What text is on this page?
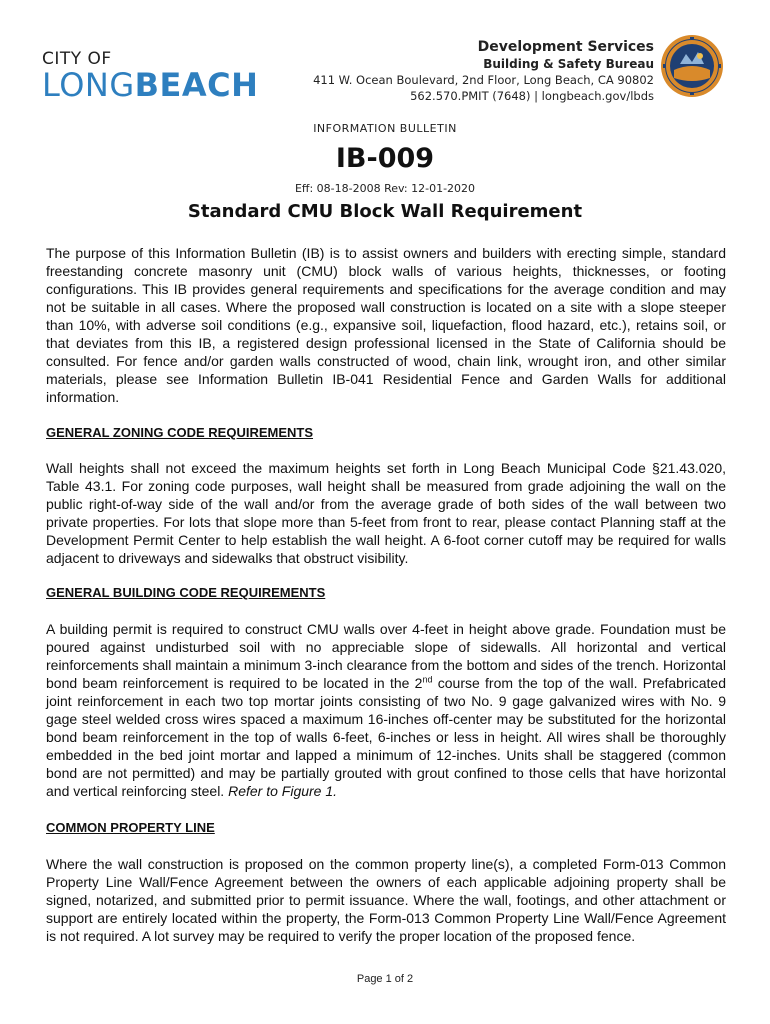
CITY OF
LONGBEACH
Development Services
Building & Safety Bureau
411 W. Ocean Boulevard, 2nd Floor, Long Beach, CA 90802
562.570.PMIT (7648) | longbeach.gov/lbds
INFORMATION BULLETIN
IB-009
Eff: 08-18-2008 Rev: 12-01-2020
Standard CMU Block Wall Requirement

The purpose of this Information Bulletin (IB) is to assist owners and builders with erecting simple, standard freestanding concrete masonry unit (CMU) block walls of various heights, thicknesses, or footing configurations. This IB provides general requirements and specifications for the average condition and may not be suitable in all cases. Where the proposed wall construction is located on a site with a slope steeper than 10%, with adverse soil conditions (e.g., expansive soil, liquefaction, flood hazard, etc.), retains soil, or that deviates from this IB, a registered design professional licensed in the State of California should be consulted. For fence and/or garden walls constructed of wood, chain link, wrought iron, and other similar materials, please see Information Bulletin IB-041 Residential Fence and Garden Walls for additional information.

GENERAL ZONING CODE REQUIREMENTS

Wall heights shall not exceed the maximum heights set forth in Long Beach Municipal Code §21.43.020, Table 43.1. For zoning code purposes, wall height shall be measured from grade adjoining the wall on the public right-of-way side of the wall and/or from the average grade of both sides of the wall between two private properties. For lots that slope more than 5-feet from front to rear, please contact Planning staff at the Development Permit Center to help establish the wall height. A 6-foot corner cutoff may be required for walls adjacent to driveways and sidewalks that obstruct visibility.

GENERAL BUILDING CODE REQUIREMENTS

A building permit is required to construct CMU walls over 4-feet in height above grade. Foundation must be poured against undisturbed soil with no appreciable slope of sidewalls. All horizontal and vertical reinforcements shall maintain a minimum 3-inch clearance from the bottom and sides of the trench. Horizontal bond beam reinforcement is required to be located in the 2nd course from the top of the wall. Prefabricated joint reinforcement in each two top mortar joints consisting of two No. 9 gage galvanized wires with No. 9 gage steel welded cross wires spaced a maximum 16-inches off-center may be substituted for the horizontal bond beam reinforcement in the top of walls 6-feet, 6-inches or less in height. All wires shall be thoroughly embedded in the bed joint mortar and lapped a minimum of 12-inches. Units shall be staggered (common bond are not permitted) and may be partially grouted with grout confined to those cells that have horizontal and vertical reinforcing steel. Refer to Figure 1.

COMMON PROPERTY LINE

Where the wall construction is proposed on the common property line(s), a completed Form-013 Common Property Line Wall/Fence Agreement between the owners of each applicable adjoining property shall be signed, notarized, and submitted prior to permit issuance. Where the wall, footings, and other attachment or support are entirely located within the property, the Form-013 Common Property Line Wall/Fence Agreement is not required. A lot survey may be required to verify the proper location of the proposed fence.

Page 1 of 2
